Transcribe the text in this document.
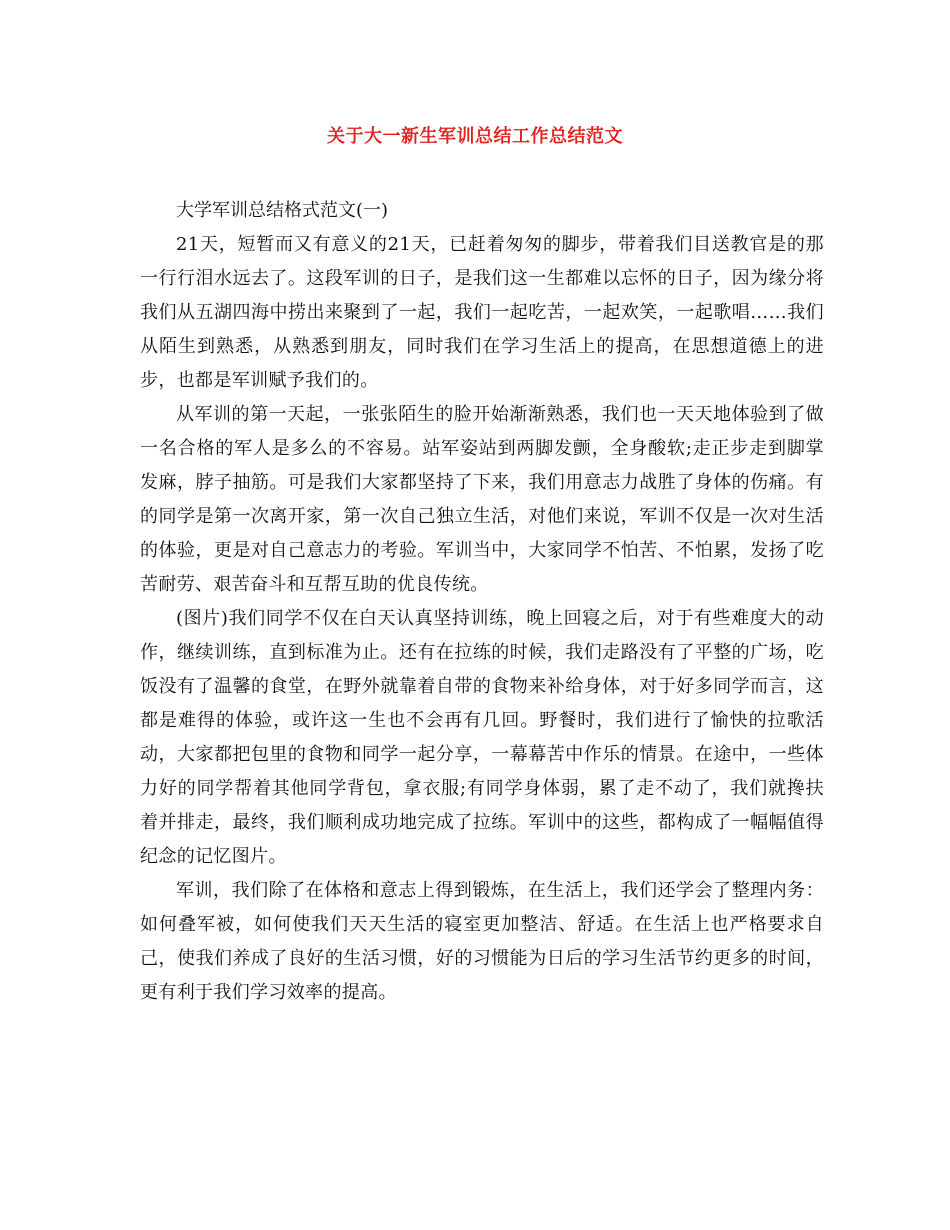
关于大一新生军训总结工作总结范文

大学军训总结格式范文(一)

21天，短暂而又有意义的21天，已赶着匆匆的脚步，带着我们目送教官是的那一行行泪水远去了。这段军训的日子，是我们这一生都难以忘怀的日子，因为缘分将我们从五湖四海中捞出来聚到了一起，我们一起吃苦，一起欢笑，一起歌唱……我们从陌生到熟悉，从熟悉到朋友，同时我们在学习生活上的提高，在思想道德上的进步，也都是军训赋予我们的。

从军训的第一天起，一张张陌生的脸开始渐渐熟悉，我们也一天天地体验到了做一名合格的军人是多么的不容易。站军姿站到两脚发颤，全身酸软;走正步走到脚掌发麻，脖子抽筋。可是我们大家都坚持了下来，我们用意志力战胜了身体的伤痛。有的同学是第一次离开家，第一次自己独立生活，对他们来说，军训不仅是一次对生活的体验，更是对自己意志力的考验。军训当中，大家同学不怕苦、不怕累，发扬了吃苦耐劳、艰苦奋斗和互帮互助的优良传统。

(图片)我们同学不仅在白天认真坚持训练，晚上回寝之后，对于有些难度大的动作，继续训练，直到标准为止。还有在拉练的时候，我们走路没有了平整的广场，吃饭没有了温馨的食堂，在野外就靠着自带的食物来补给身体，对于好多同学而言，这都是难得的体验，或许这一生也不会再有几回。野餐时，我们进行了愉快的拉歌活动，大家都把包里的食物和同学一起分享，一幕幕苦中作乐的情景。在途中，一些体力好的同学帮着其他同学背包，拿衣服;有同学身体弱，累了走不动了，我们就搀扶着并排走，最终，我们顺利成功地完成了拉练。军训中的这些，都构成了一幅幅值得纪念的记忆图片。

军训，我们除了在体格和意志上得到锻炼，在生活上，我们还学会了整理内务：如何叠军被，如何使我们天天生活的寝室更加整洁、舒适。在生活上也严格要求自己，使我们养成了良好的生活习惯，好的习惯能为日后的学习生活节约更多的时间，更有利于我们学习效率的提高。
